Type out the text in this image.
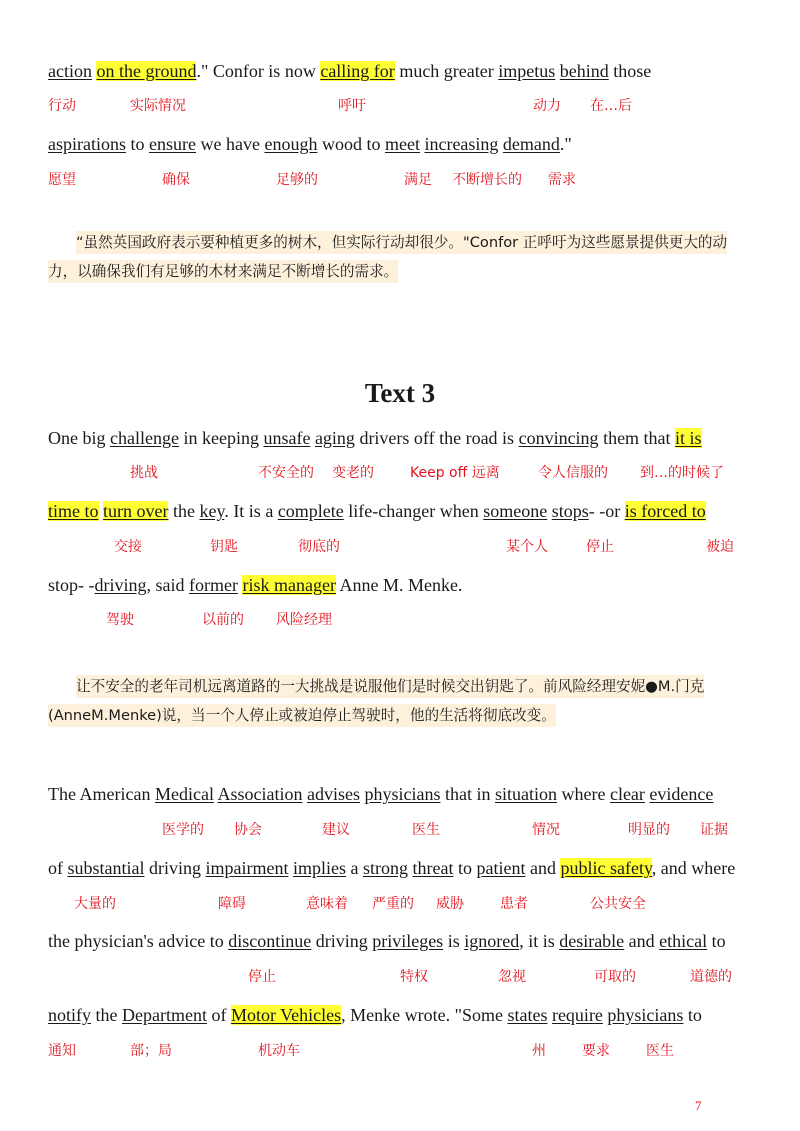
action on the ground." Confor is now calling for much greater impetus behind those
行动	实际情况	呼吁	动力 在…后
aspirations to ensure we have enough wood to meet increasing demand."
愿望	确保	足够的	满足 不断增长的 需求
“虽然英国政府表示要种植更多的树木，但实际行动却很少。"Confor 正呼吁为这些愿景提供更大的动力，以确保我们有足够的木材来满足不断增长的需求。
Text 3
One big challenge in keeping unsafe aging drivers off the road is convincing them that it is
挑战	不安全的 变老的	Keep off 远离	令人信服的 到…的时候了
time to turn over the key. It is a complete life-changer when someone stops- -or is forced to
交接	钥匙	彻底的	某个人	停止	被迫
stop- -driving, said former risk manager Anne M. Menke.
驾驶	以前的 风险经理
让不安全的老年司机远离道路的一大挑战是说服他们是时候交出钥匙了。前风险经理安妮●M.门克(AnneM.Menke)说，当一个人停止或被迫停止驾驶时，他的生活将彻底改变。
The American Medical Association advises physicians that in situation where clear evidence
医学的 协会	建议	医生	情况	明显的 证据
of substantial driving impairment implies a strong threat to patient and public safety, and where
大量的	障碍	意味着 严重的 威胁	患者	公共安全
the physician's advice to discontinue driving privileges is ignored, it is desirable and ethical to
停止	特权	忽视	可取的	道德的
notify the Department of Motor Vehicles, Menke wrote. "Some states require physicians to
通知	部；局	机动车	州	要求	医生
7
